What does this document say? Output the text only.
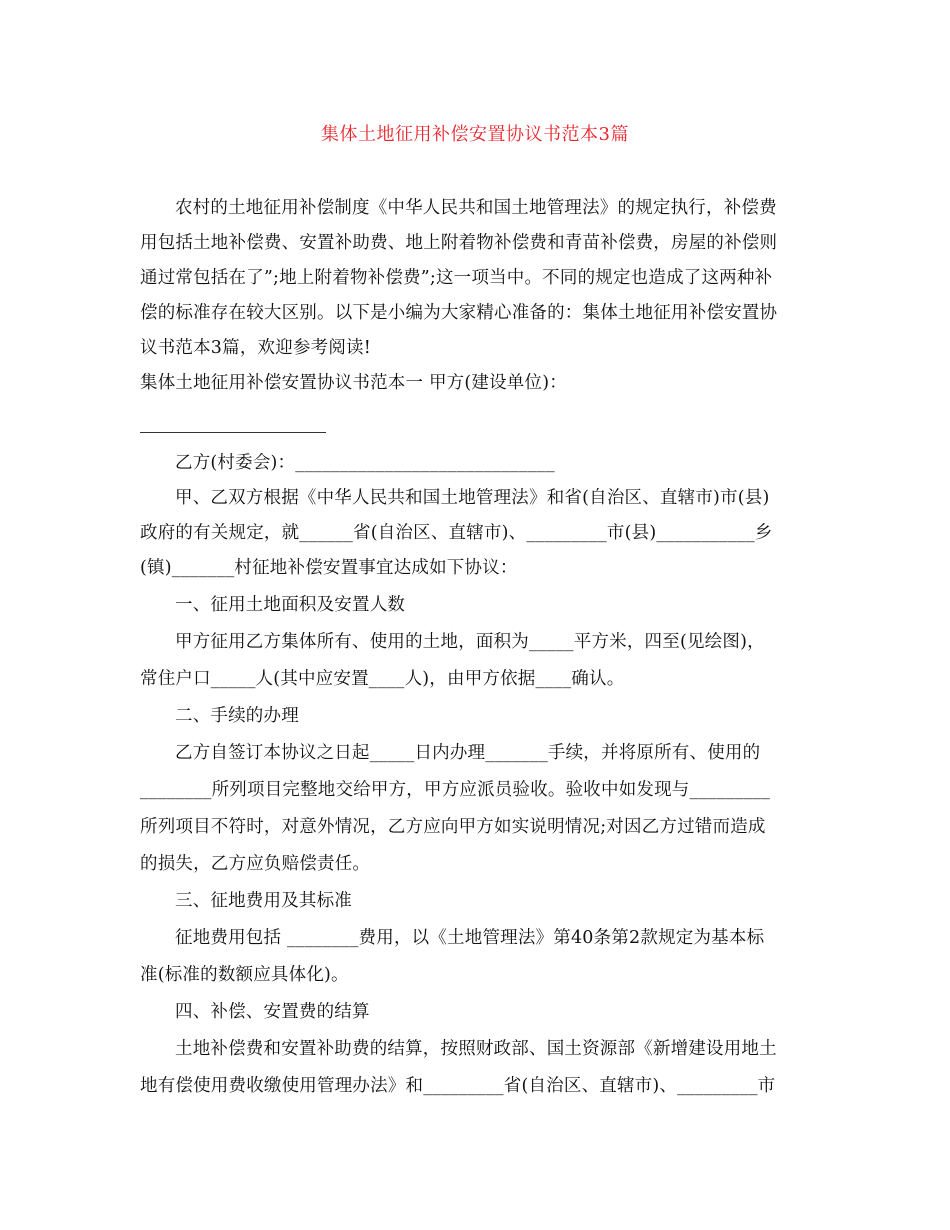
集体土地征用补偿安置协议书范本3篇
农村的土地征用补偿制度《中华人民共和国土地管理法》的规定执行，补偿费
用包括土地补偿费、安置补助费、地上附着物补偿费和青苗补偿费，房屋的补偿则
通过常包括在了”;地上附着物补偿费”;这一项当中。不同的规定也造成了这两种补
偿的标准存在较大区别。以下是小编为大家精心准备的：集体土地征用补偿安置协
议书范本3篇，欢迎参考阅读!
集体土地征用补偿安置协议书范本一 甲方(建设单位)：
乙方(村委会)：_____________________________
甲、乙双方根据《中华人民共和国土地管理法》和省(自治区、直辖市)市(县)
政府的有关规定，就______省(自治区、直辖市)、_________市(县)___________乡
(镇)_______村征地补偿安置事宜达成如下协议：
一、征用土地面积及安置人数
甲方征用乙方集体所有、使用的土地，面积为_____平方米，四至(见绘图)，
常住户口_____人(其中应安置____人)，由甲方依据____确认。
二、手续的办理
乙方自签订本协议之日起_____日内办理_______手续，并将原所有、使用的
________所列项目完整地交给甲方，甲方应派员验收。验收中如发现与_________
所列项目不符时，对意外情况，乙方应向甲方如实说明情况;对因乙方过错而造成
的损失，乙方应负赔偿责任。
三、征地费用及其标准
征地费用包括 ________费用，以《土地管理法》第40条第2款规定为基本标
准(标准的数额应具体化)。
四、补偿、安置费的结算
土地补偿费和安置补助费的结算，按照财政部、国土资源部《新增建设用地土
地有偿使用费收缴使用管理办法》和_________省(自治区、直辖市)、_________市
